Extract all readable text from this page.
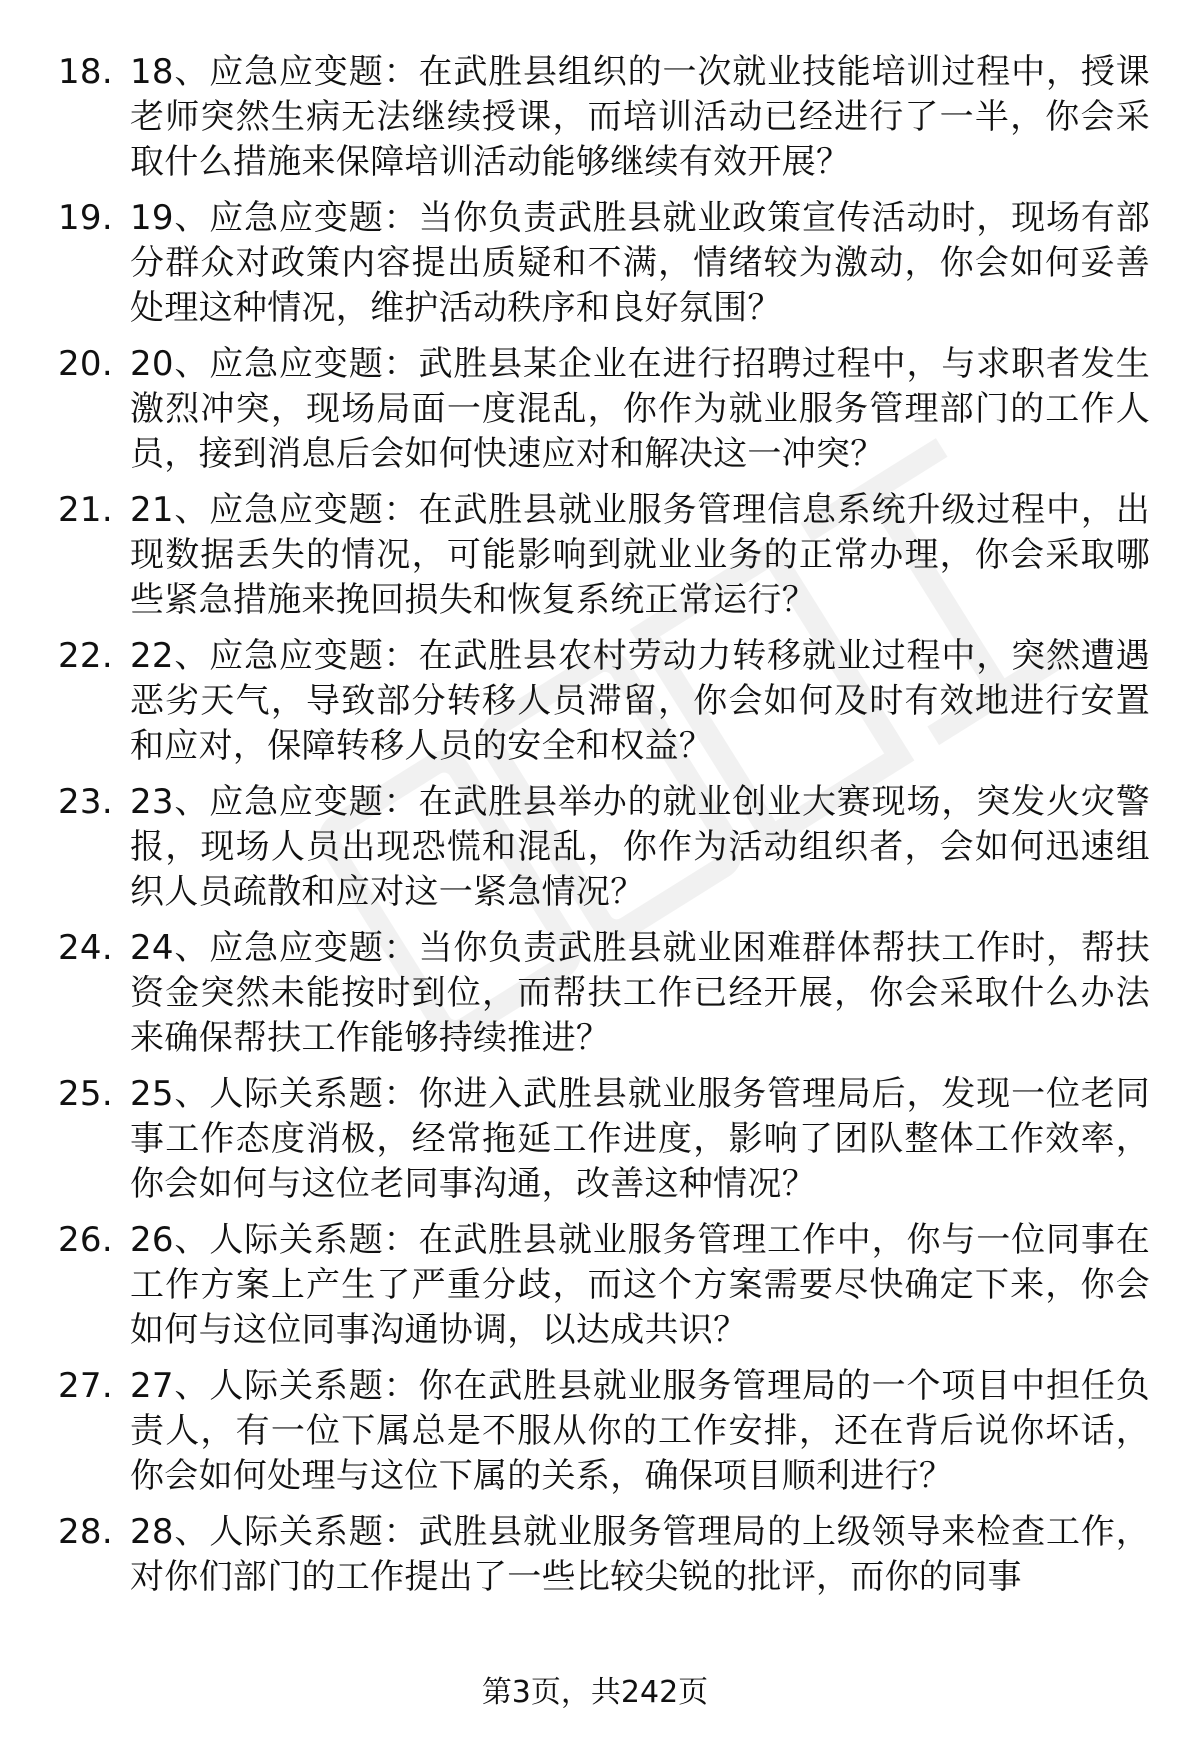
18. 18、应急应变题：在武胜县组织的一次就业技能培训过程中，授课老师突然生病无法继续授课，而培训活动已经进行了一半，你会采取什么措施来保障培训活动能够继续有效开展？
19. 19、应急应变题：当你负责武胜县就业政策宣传活动时，现场有部分群众对政策内容提出质疑和不满，情绪较为激动，你会如何妥善处理这种情况，维护活动秩序和良好氛围？
20. 20、应急应变题：武胜县某企业在进行招聘过程中，与求职者发生激烈冲突，现场局面一度混乱，你作为就业服务管理部门的工作人员，接到消息后会如何快速应对和解决这一冲突？
21. 21、应急应变题：在武胜县就业服务管理信息系统升级过程中，出现数据丢失的情况，可能影响到就业业务的正常办理，你会采取哪些紧急措施来挽回损失和恢复系统正常运行？
22. 22、应急应变题：在武胜县农村劳动力转移就业过程中，突然遭遇恶劣天气，导致部分转移人员滞留，你会如何及时有效地进行安置和应对，保障转移人员的安全和权益？
23. 23、应急应变题：在武胜县举办的就业创业大赛现场，突发火灾警报，现场人员出现恐慌和混乱，你作为活动组织者，会如何迅速组织人员疏散和应对这一紧急情况？
24. 24、应急应变题：当你负责武胜县就业困难群体帮扶工作时，帮扶资金突然未能按时到位，而帮扶工作已经开展，你会采取什么办法来确保帮扶工作能够持续推进？
25. 25、人际关系题：你进入武胜县就业服务管理局后，发现一位老同事工作态度消极，经常拖延工作进度，影响了团队整体工作效率，你会如何与这位老同事沟通，改善这种情况？
26. 26、人际关系题：在武胜县就业服务管理工作中，你与一位同事在工作方案上产生了严重分歧，而这个方案需要尽快确定下来，你会如何与这位同事沟通协调，以达成共识？
27. 27、人际关系题：你在武胜县就业服务管理局的一个项目中担任负责人，有一位下属总是不服从你的工作安排，还在背后说你坏话，你会如何处理与这位下属的关系，确保项目顺利进行？
28. 28、人际关系题：武胜县就业服务管理局的上级领导来检查工作，对你们部门的工作提出了一些比较尖锐的批评，而你的同事
第3页，共242页
